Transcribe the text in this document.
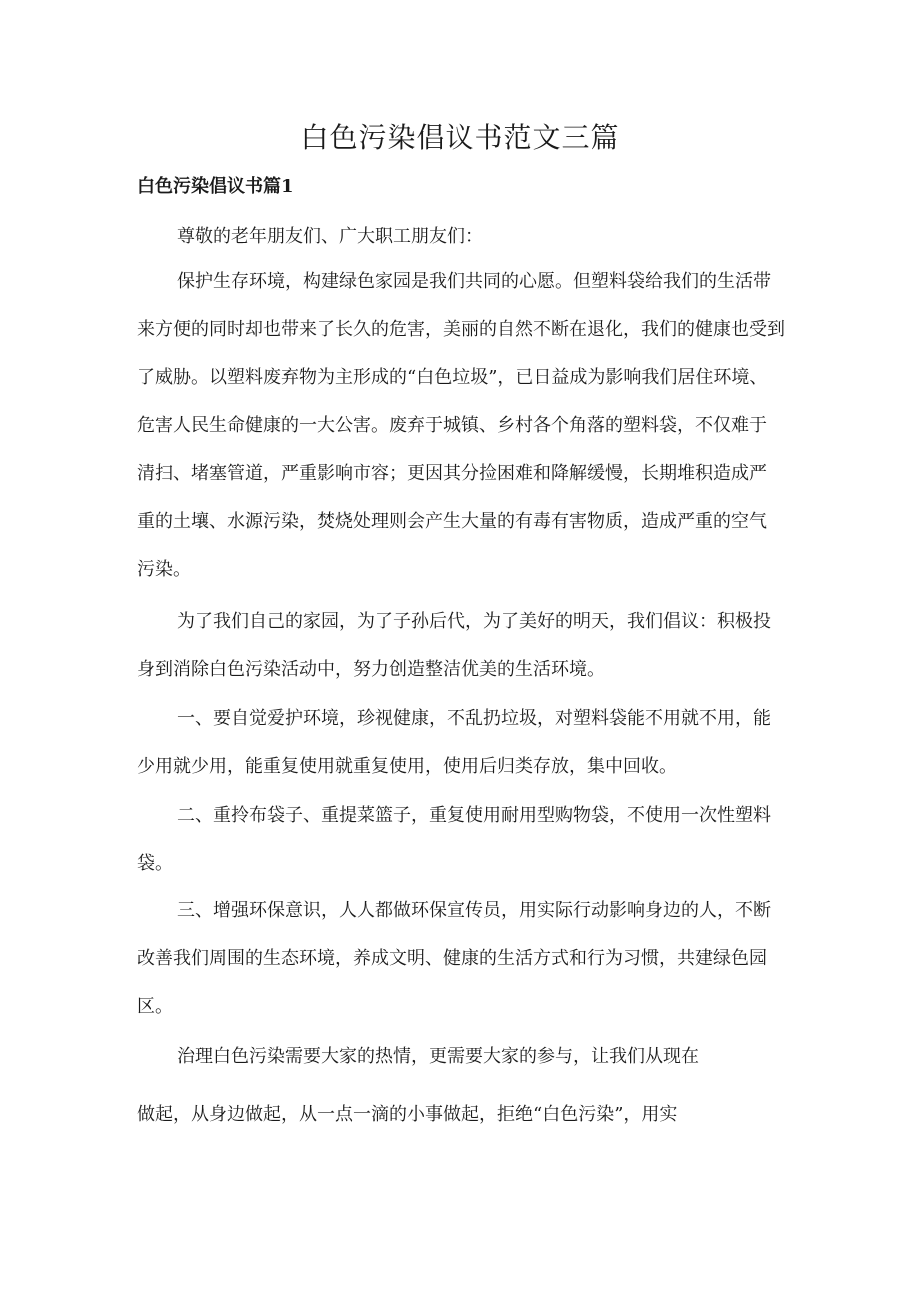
白色污染倡议书范文三篇
白色污染倡议书篇1

尊敬的老年朋友们、广大职工朋友们：

保护生存环境，构建绿色家园是我们共同的心愿。但塑料袋给我们的生活带
来方便的同时却也带来了长久的危害，美丽的自然不断在退化，我们的健康也受到
了威胁。以塑料废弃物为主形成的“白色垃圾”，已日益成为影响我们居住环境、
危害人民生命健康的一大公害。废弃于城镇、乡村各个角落的塑料袋，不仅难于
清扫、堵塞管道，严重影响市容；更因其分捡困难和降解缓慢，长期堆积造成严
重的土壤、水源污染，焚烧处理则会产生大量的有毒有害物质，造成严重的空气
污染。

为了我们自己的家园，为了子孙后代，为了美好的明天，我们倡议：积极投
身到消除白色污染活动中，努力创造整洁优美的生活环境。

一、要自觉爱护环境，珍视健康，不乱扔垃圾，对塑料袋能不用就不用，能
少用就少用，能重复使用就重复使用，使用后归类存放，集中回收。

二、重拎布袋子、重提菜篮子，重复使用耐用型购物袋，不使用一次性塑料
袋。

三、增强环保意识，人人都做环保宣传员，用实际行动影响身边的人，不断
改善我们周围的生态环境，养成文明、健康的生活方式和行为习惯，共建绿色园
区。

治理白色污染需要大家的热情，更需要大家的参与，让我们从现在

做起，从身边做起，从一点一滴的小事做起，拒绝“白色污染”，用实
